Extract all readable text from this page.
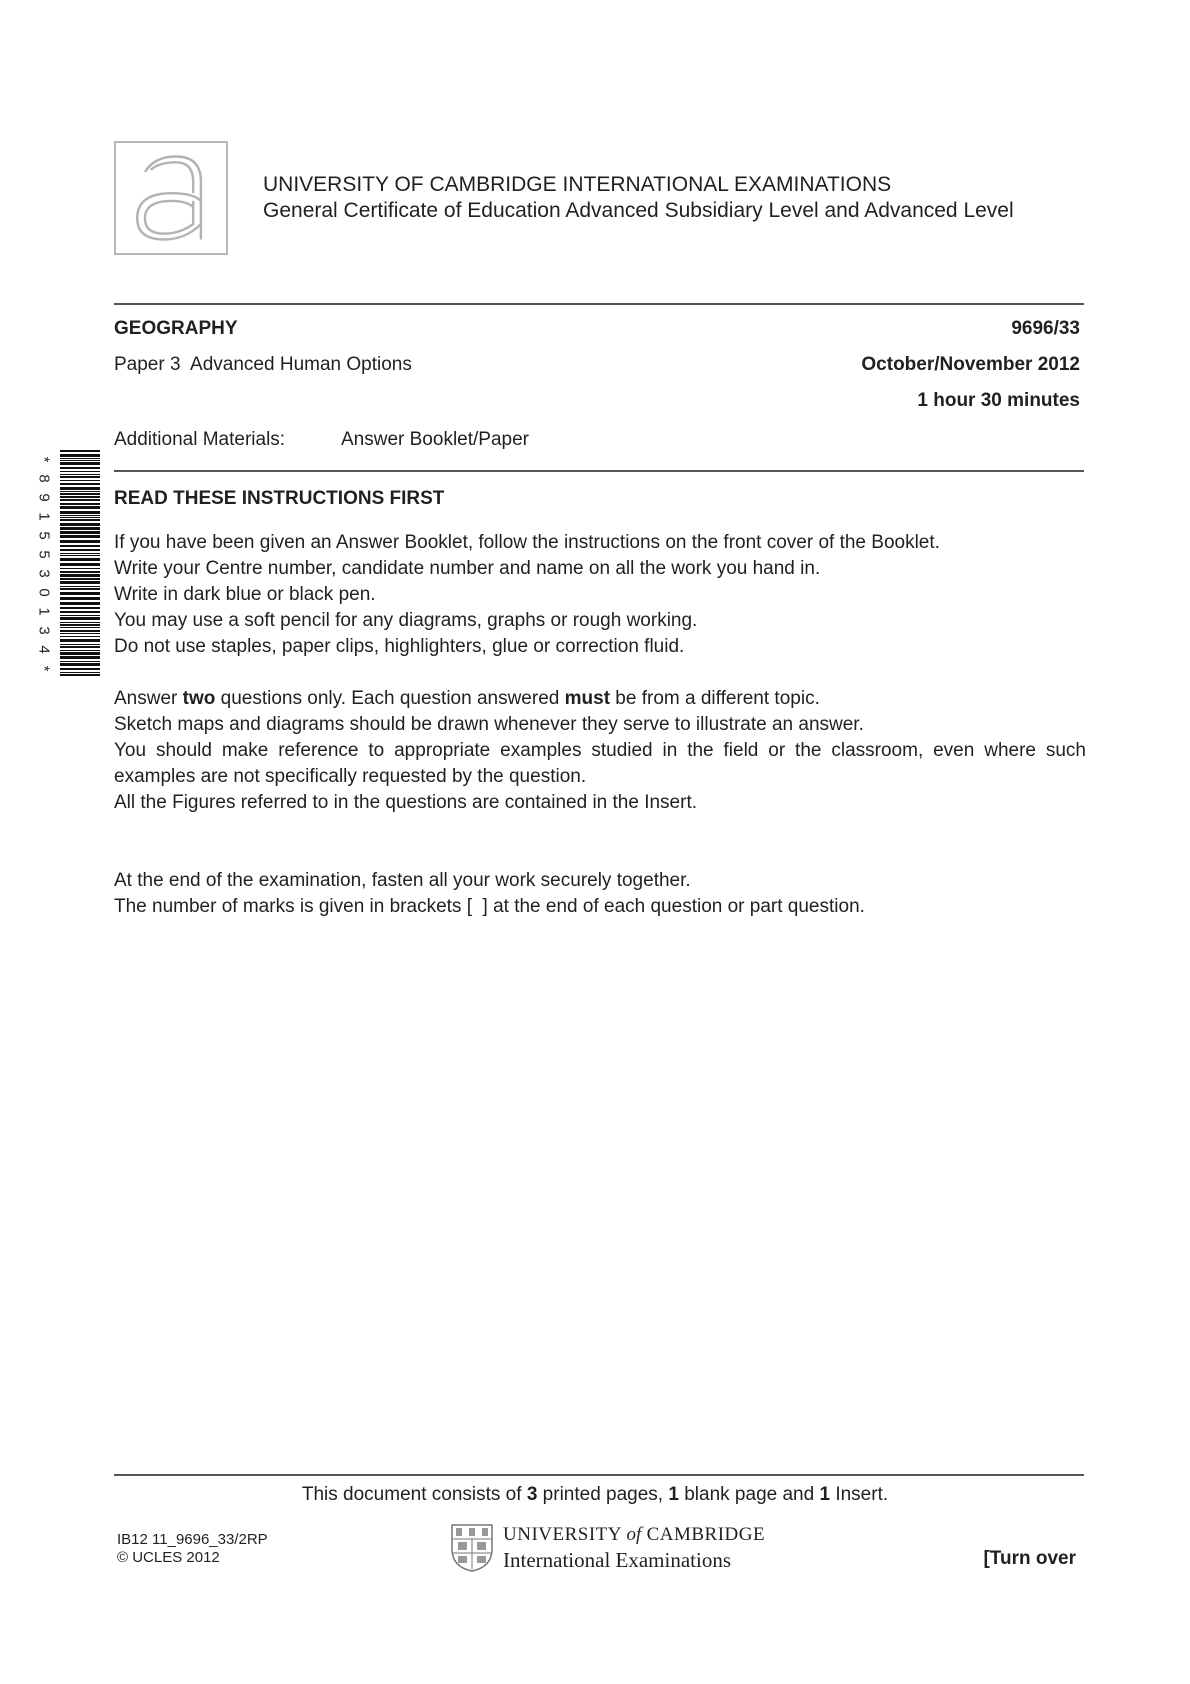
UNIVERSITY OF CAMBRIDGE INTERNATIONAL EXAMINATIONS
General Certificate of Education Advanced Subsidiary Level and Advanced Level
GEOGRAPHY	9696/33
Paper 3  Advanced Human Options	October/November 2012
1 hour 30 minutes
Additional Materials:	Answer Booklet/Paper
*
8
9
1
5
5
3
0
1
3
4
*
READ THESE INSTRUCTIONS FIRST
If you have been given an Answer Booklet, follow the instructions on the front cover of the Booklet.
Write your Centre number, candidate number and name on all the work you hand in.
Write in dark blue or black pen.
You may use a soft pencil for any diagrams, graphs or rough working.
Do not use staples, paper clips, highlighters, glue or correction fluid.
Answer two questions only. Each question answered must be from a different topic.
Sketch maps and diagrams should be drawn whenever they serve to illustrate an answer.
You should make reference to appropriate examples studied in the field or the classroom, even where such examples are not specifically requested by the question.
All the Figures referred to in the questions are contained in the Insert.
At the end of the examination, fasten all your work securely together.
The number of marks is given in brackets [  ] at the end of each question or part question.
This document consists of 3 printed pages, 1 blank page and 1 Insert.
IB12 11_9696_33/2RP
© UCLES 2012
UNIVERSITY of CAMBRIDGE
International Examinations	[Turn over
